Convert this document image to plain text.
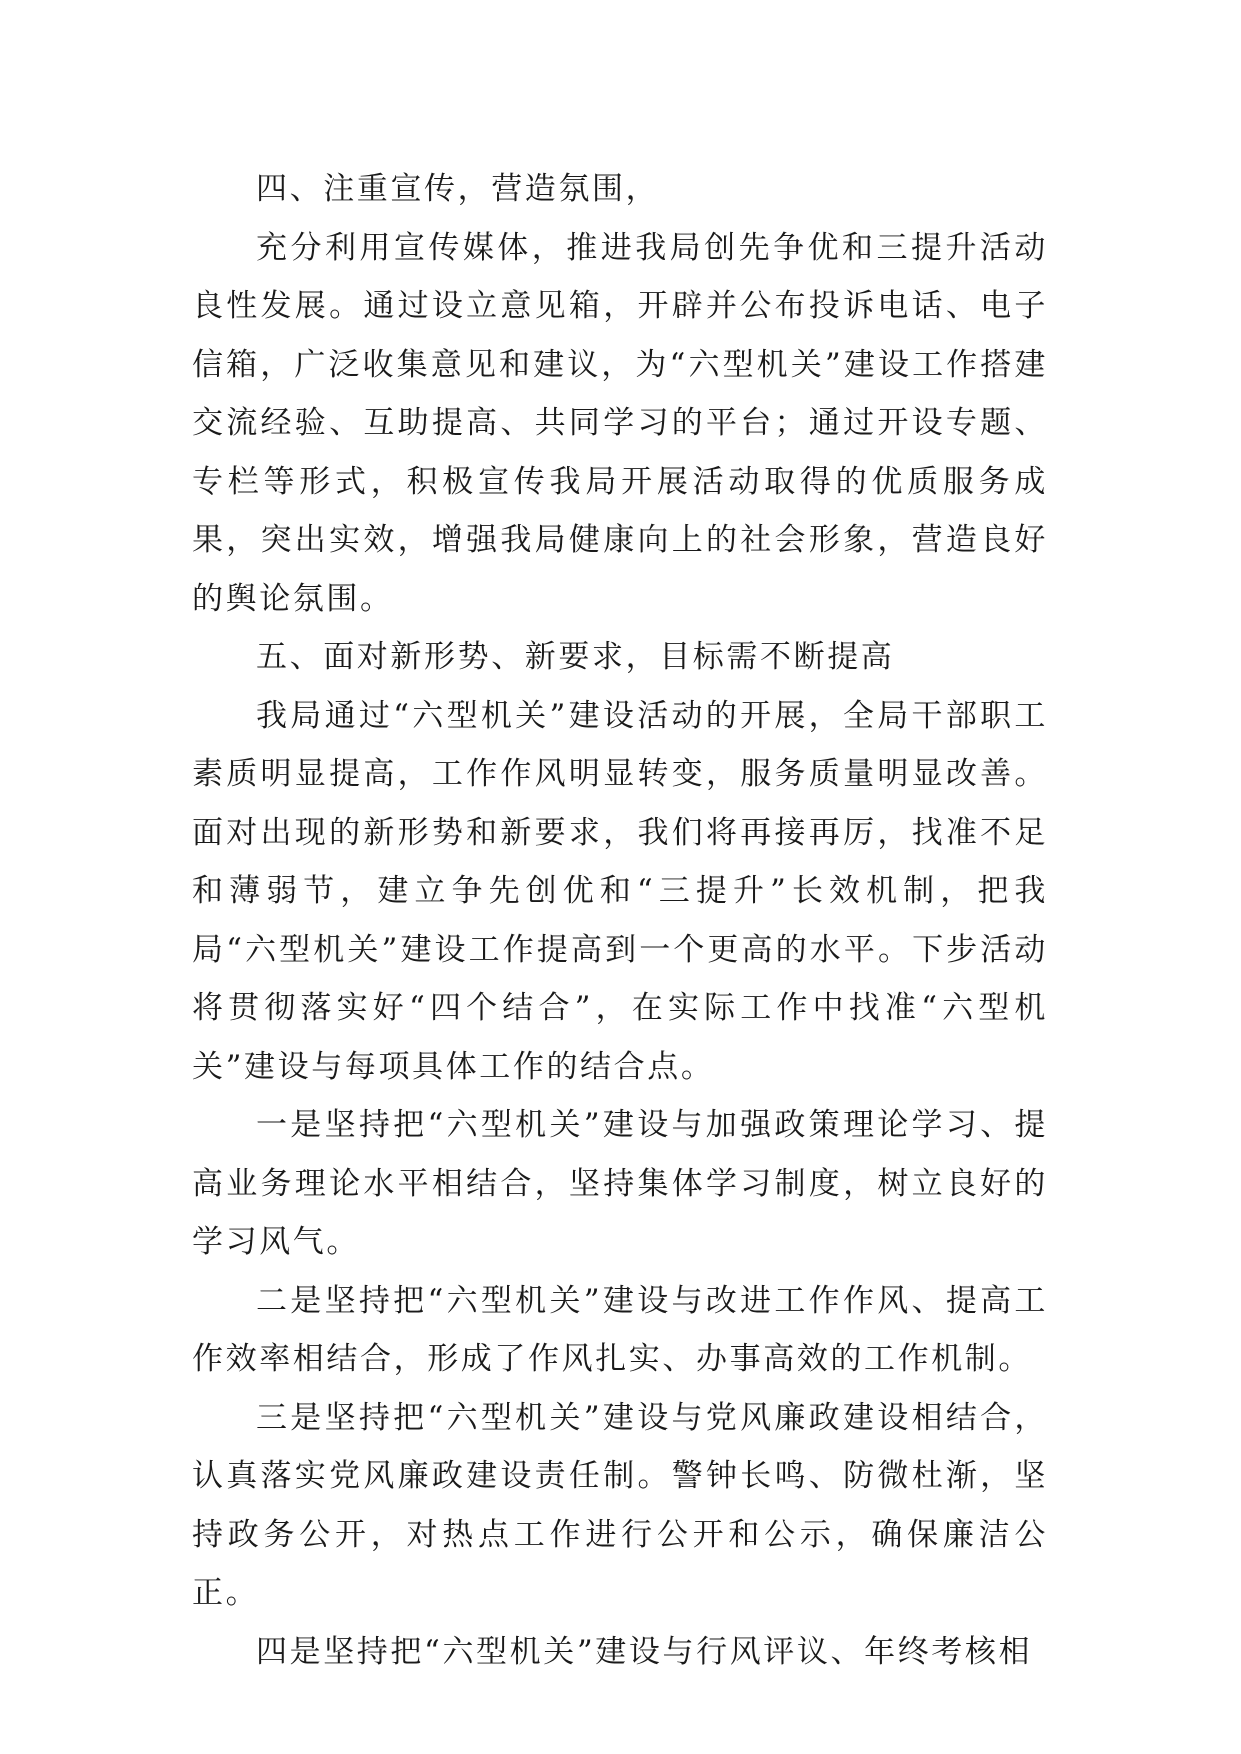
四、注重宣传，营造氛围，

充分利用宣传媒体，推进我局创先争优和三提升活动良性发展。通过设立意见箱，开辟并公布投诉电话、电子信箱，广泛收集意见和建议，为“六型机关”建设工作搭建交流经验、互助提高、共同学习的平台；通过开设专题、专栏等形式，积极宣传我局开展活动取得的优质服务成果，突出实效，增强我局健康向上的社会形象，营造良好的舆论氛围。

五、面对新形势、新要求，目标需不断提高

我局通过“六型机关”建设活动的开展，全局干部职工素质明显提高，工作作风明显转变，服务质量明显改善。面对出现的新形势和新要求，我们将再接再厉，找准不足和薄弱节，建立争先创优和“三提升”长效机制，把我局“六型机关”建设工作提高到一个更高的水平。下步活动将贯彻落实好“四个结合”，在实际工作中找准“六型机关”建设与每项具体工作的结合点。

一是坚持把“六型机关”建设与加强政策理论学习、提高业务理论水平相结合，坚持集体学习制度，树立良好的学习风气。

二是坚持把“六型机关”建设与改进工作作风、提高工作效率相结合，形成了作风扎实、办事高效的工作机制。

三是坚持把“六型机关”建设与党风廉政建设相结合，认真落实党风廉政建设责任制。警钟长鸣、防微杜渐，坚持政务公开，对热点工作进行公开和公示，确保廉洁公正。

四是坚持把“六型机关”建设与行风评议、年终考核相
